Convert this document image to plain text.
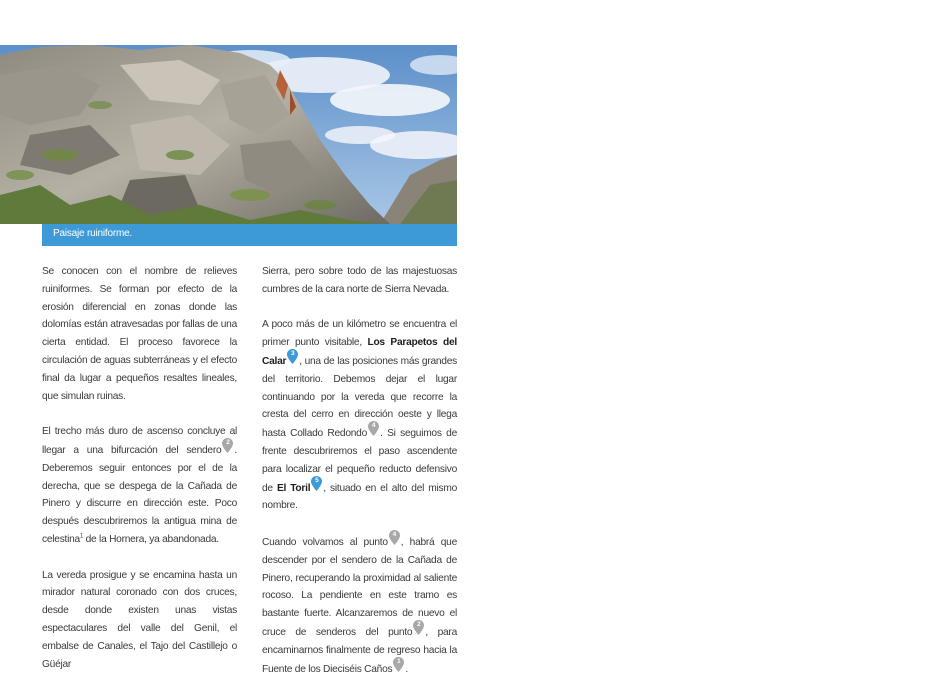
Paisaje ruiniforme.

Se conocen con el nombre de relieves ruiniformes. Se forman por efecto de la erosión diferencial en zonas donde las dolomías están atravesadas por fallas de una cierta entidad. El proceso favorece la circulación de aguas subterráneas y el efecto final da lugar a pequeños resaltes lineales, que simulan ruinas.

El trecho más duro de ascenso concluye al llegar a una bifurcación del sendero
2
. Deberemos seguir entonces por el de la derecha, que se despega de la Cañada de Pinero y discurre en dirección este. Poco después descubriremos la antigua mina de celestina$^1$ de la Hornera, ya abandonada.

La vereda prosigue y se encamina hasta un mirador natural coronado con dos cruces, desde donde existen unas vistas espectaculares del valle del Genil, el embalse de Canales, el Tajo del Castillejo o Güéjar

Sierra, pero sobre todo de las majestuosas cumbres de la cara norte de Sierra Nevada.

A poco más de un kilómetro se encuentra el primer punto visitable, Los Parapetos del Calar
3
, una de las posiciones más grandes del territorio. Debemos dejar el lugar continuando por la vereda que recorre la cresta del cerro en dirección oeste y llega hasta Collado Redondo
4
. Si seguimos de frente descubriremos el paso ascendente para localizar el pequeño reducto defensivo de El Toril
5
, situado en el alto del mismo nombre.

Cuando volvamos al punto
4
, habrá que descender por el sendero de la Cañada de Pinero, recuperando la proximidad al saliente rocoso. La pendiente en este tramo es bastante fuerte. Alcanzaremos de nuevo el cruce de senderos del punto
2
, para encaminarnos finalmente de regreso hacia la Fuente de los Dieciséis Caños
1
.
